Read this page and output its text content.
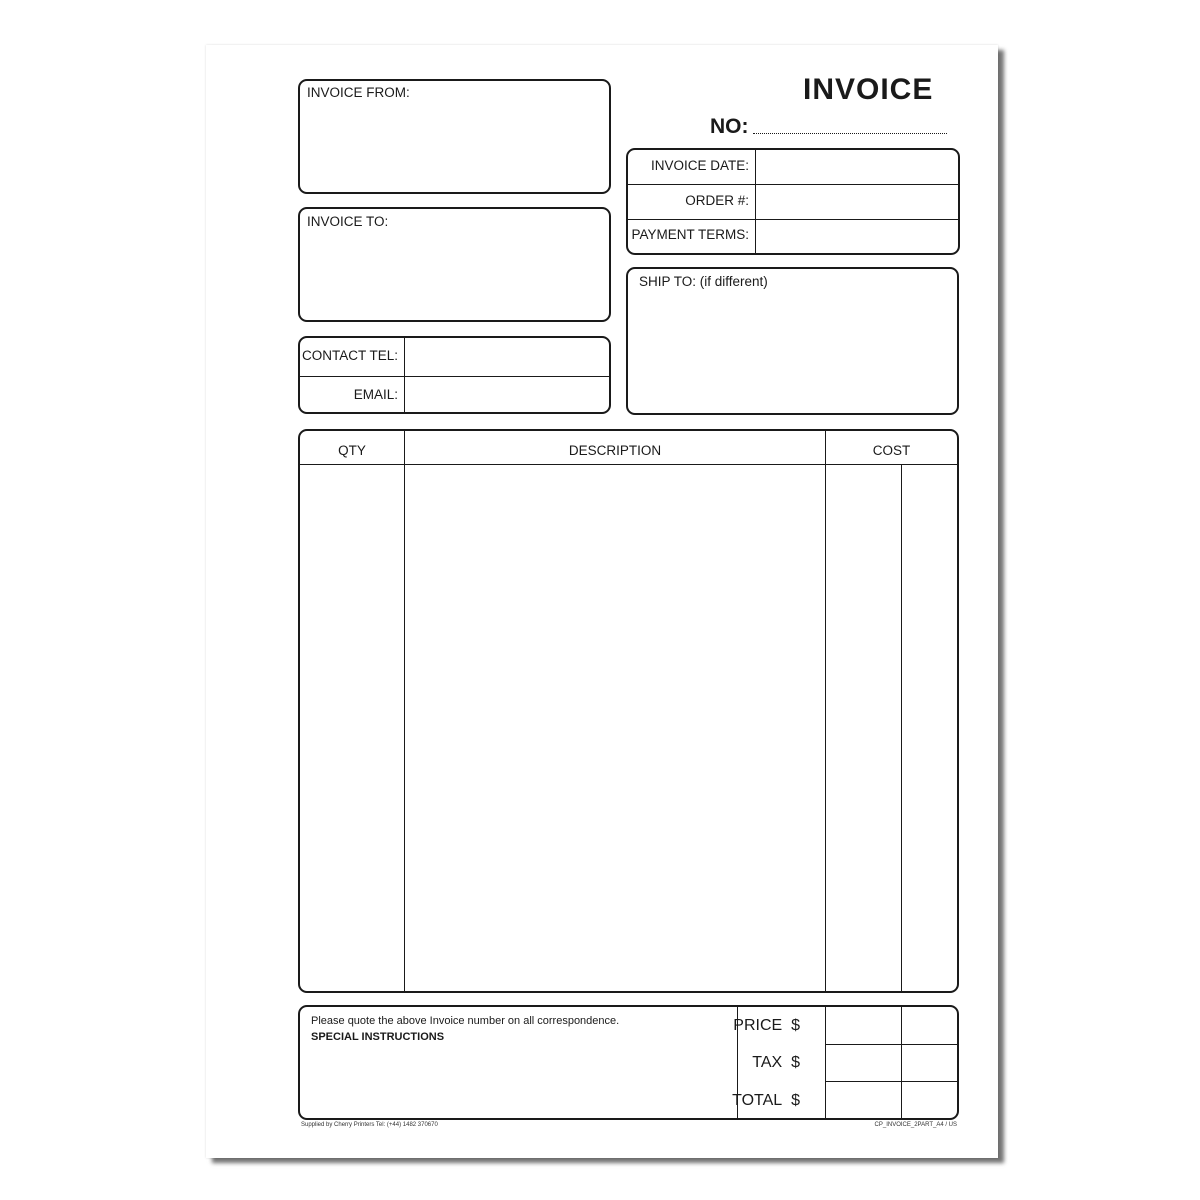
INVOICE
NO:
INVOICE FROM:
INVOICE TO:
CONTACT TEL:
EMAIL:
INVOICE DATE:
ORDER #:
PAYMENT TERMS:
SHIP TO: (if different)
QTY	DESCRIPTION	COST
Please quote the above Invoice number on all correspondence.
SPECIAL INSTRUCTIONS
PRICE $
TAX $
TOTAL $
Supplied by Cherry Printers Tel: (+44) 1482 370670	CP_INVOICE_2PART_A4 / US
